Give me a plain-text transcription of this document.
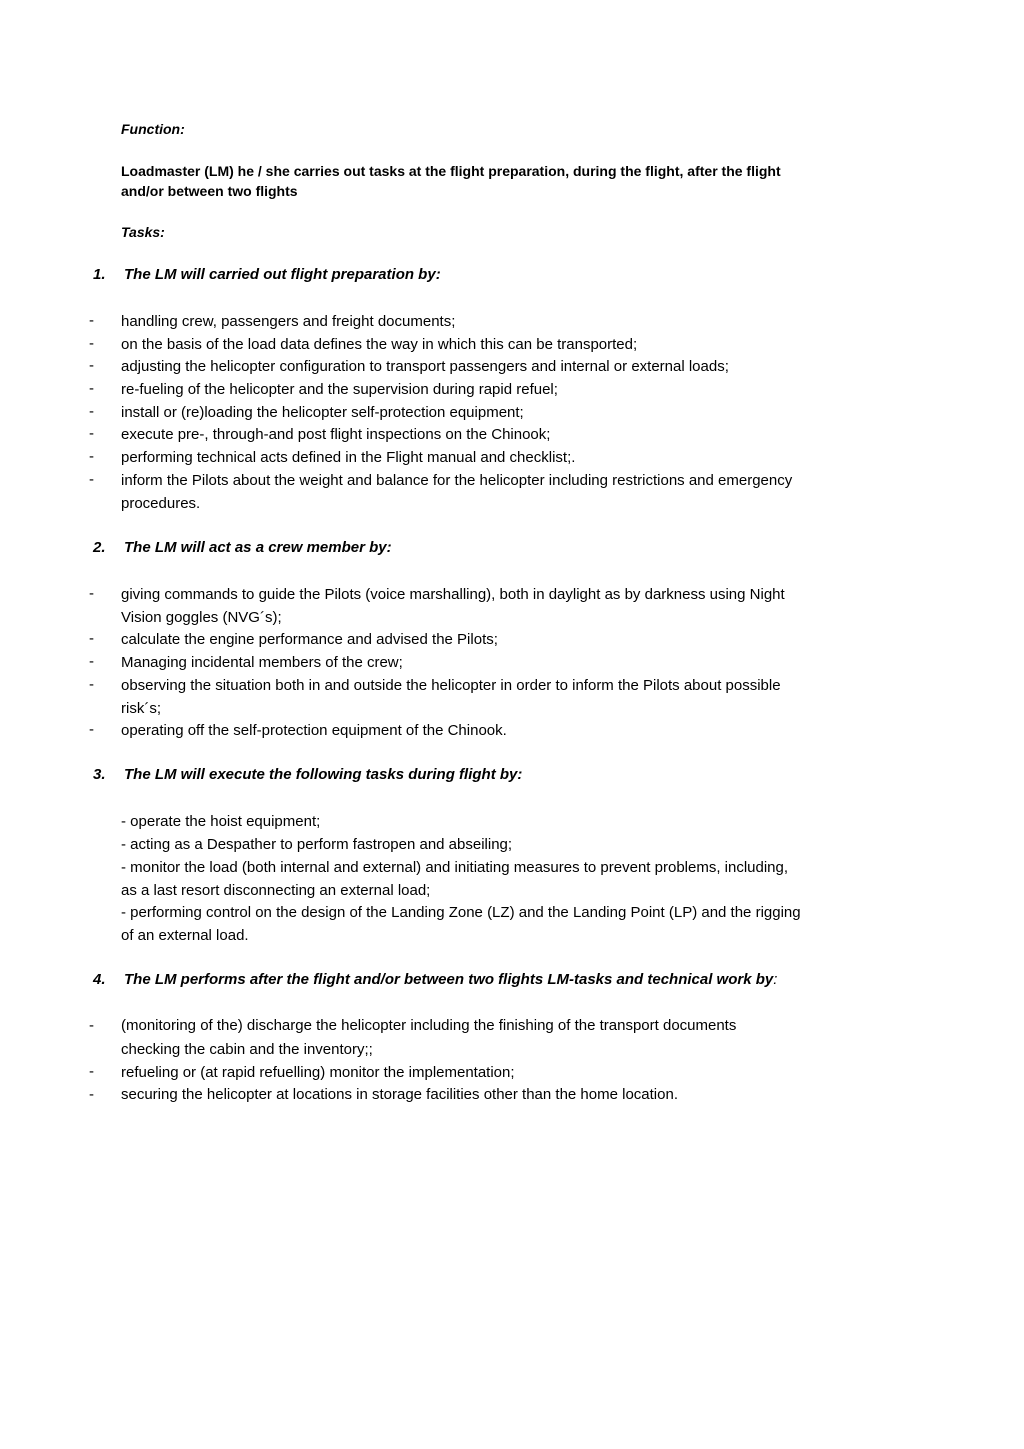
Function:
Loadmaster (LM) he / she carries out tasks at the flight preparation, during the flight, after the flight
and/or between two flights
Tasks:
1. The LM will carried out flight preparation by:
- handling crew, passengers and freight documents;
- on the basis of the load data defines the way in which this can be transported;
- adjusting the helicopter configuration to transport passengers and internal or external loads;
- re-fueling of the helicopter and the supervision during rapid refuel;
- install or (re)loading the helicopter self-protection equipment;
- execute pre-, through-and post flight inspections on the Chinook;
- performing technical acts defined in the Flight manual and checklist;.
- inform the Pilots about the weight and balance for the helicopter including restrictions and emergency
procedures.
2. The LM will act as a crew member by:
- giving commands to guide the Pilots (voice marshalling), both in daylight as by darkness using Night
Vision goggles (NVG´s);
- calculate the engine performance and advised the Pilots;
- Managing incidental members of the crew;
- observing the situation both in and outside the helicopter in order to inform the Pilots about possible
risk´s;
- operating off the self-protection equipment of the Chinook.
3. The LM will execute the following tasks during flight by:
- operate the hoist equipment;
- acting as a Despather to perform fastropen and abseiling;
- monitor the load (both internal and external) and initiating measures to prevent problems, including,
as a last resort disconnecting an external load;
- performing control on the design of the Landing Zone (LZ) and the Landing Point (LP) and the rigging
of an external load.
4. The LM performs after the flight and/or between two flights LM-tasks and technical work by:
- (monitoring of the) discharge the helicopter including the finishing of the transport documents
checking the cabin and the inventory;;
- refueling or (at rapid refuelling) monitor the implementation;
- securing the helicopter at locations in storage facilities other than the home location.
